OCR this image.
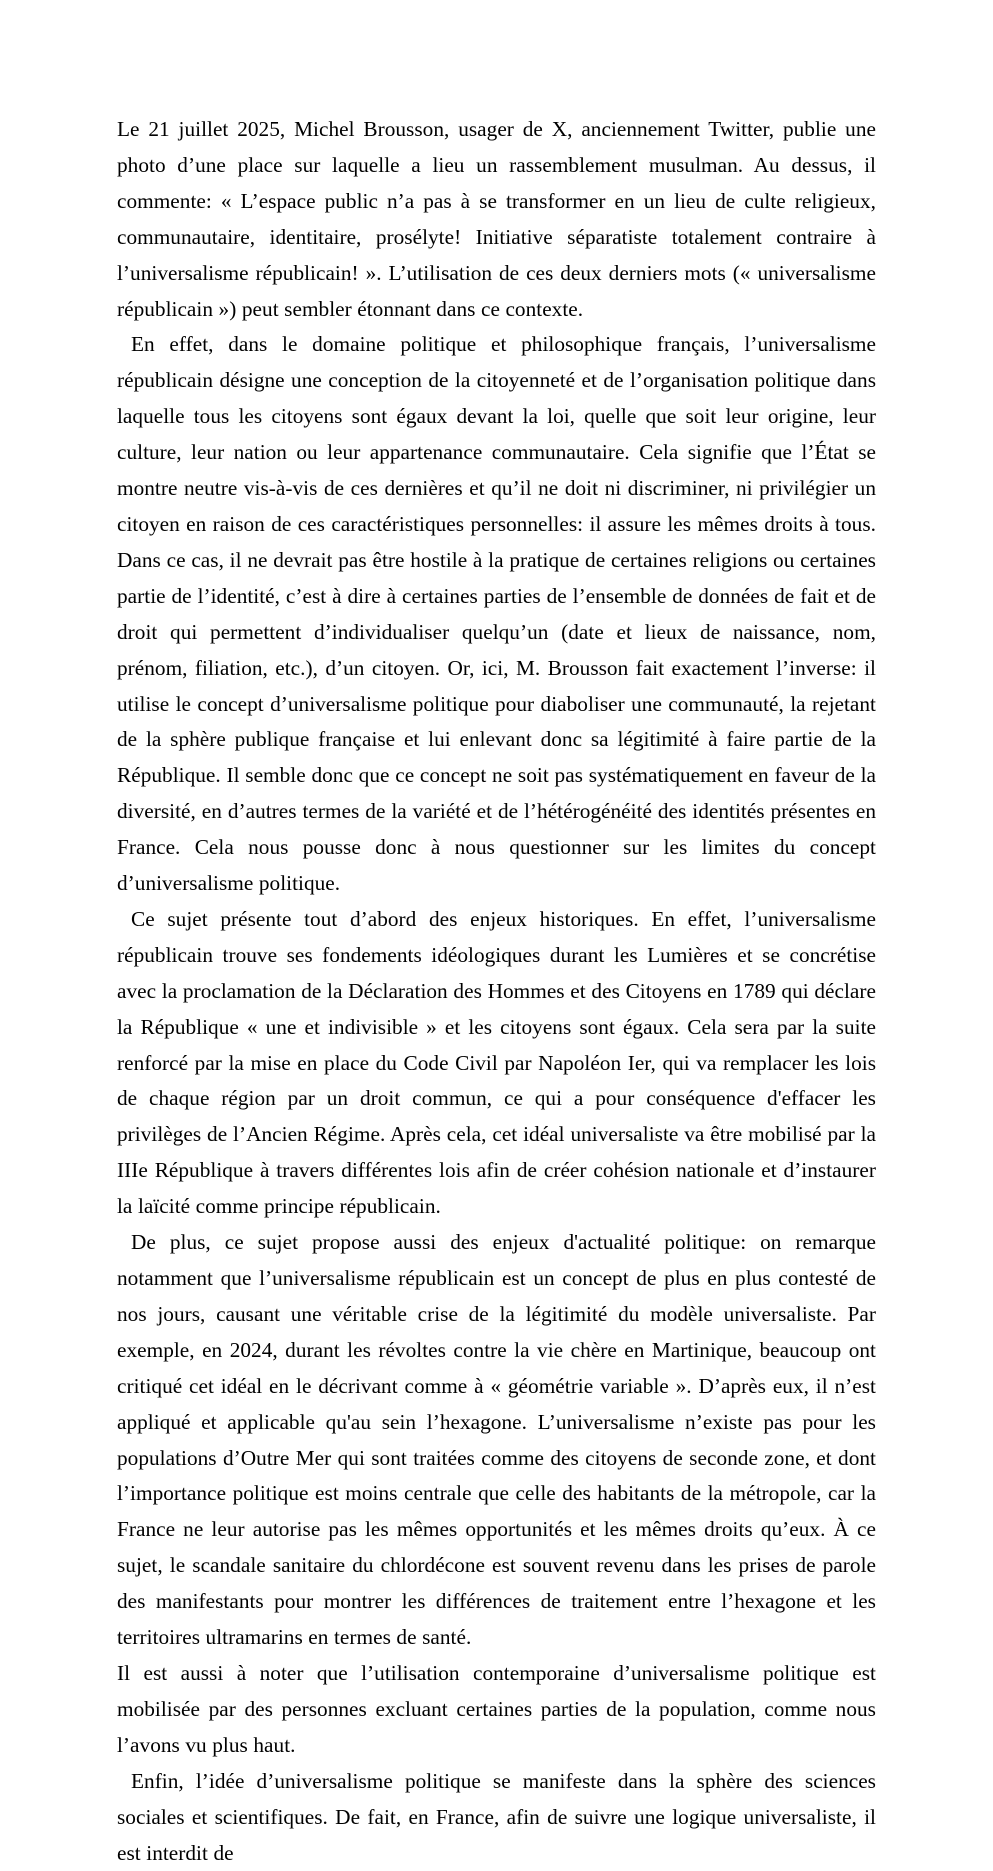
Le 21 juillet 2025, Michel Brousson, usager de X, anciennement Twitter, publie une photo d’une place sur laquelle a lieu un rassemblement musulman. Au dessus, il commente: « L’espace public n’a pas à se transformer en un lieu de culte religieux, communautaire, identitaire, prosélyte! Initiative séparatiste totalement contraire à l’universalisme républicain! ». L’utilisation de ces deux derniers mots (« universalisme républicain ») peut sembler étonnant dans ce contexte.

En effet, dans le domaine politique et philosophique français, l’universalisme républicain désigne une conception de la citoyenneté et de l’organisation politique dans laquelle tous les citoyens sont égaux devant la loi, quelle que soit leur origine, leur culture, leur nation ou leur appartenance communautaire. Cela signifie que l’État se montre neutre vis-à-vis de ces dernières et qu’il ne doit ni discriminer, ni privilégier un citoyen en raison de ces caractéristiques personnelles: il assure les mêmes droits à tous. Dans ce cas, il ne devrait pas être hostile à la pratique de certaines religions ou certaines partie de l’identité, c’est à dire à certaines parties de l’ensemble de données de fait et de droit qui permettent d’individualiser quelqu’un (date et lieux de naissance, nom, prénom, filiation, etc.), d’un citoyen. Or, ici, M. Brousson fait exactement l’inverse: il utilise le concept d’universalisme politique pour diaboliser une communauté, la rejetant de la sphère publique française et lui enlevant donc sa légitimité à faire partie de la République. Il semble donc que ce concept ne soit pas systématiquement en faveur de la diversité, en d’autres termes de la variété et de l’hétérogénéité des identités présentes en France. Cela nous pousse donc à nous questionner sur les limites du concept d’universalisme politique.

Ce sujet présente tout d’abord des enjeux historiques. En effet, l’universalisme républicain trouve ses fondements idéologiques durant les Lumières et se concrétise avec la proclamation de la Déclaration des Hommes et des Citoyens en 1789 qui déclare la République « une et indivisible » et les citoyens sont égaux. Cela sera par la suite renforcé par la mise en place du Code Civil par Napoléon Ier, qui va remplacer les lois de chaque région par un droit commun, ce qui a pour conséquence d'effacer les privilèges de l’Ancien Régime. Après cela, cet idéal universaliste va être mobilisé par la IIIe République à travers différentes lois afin de créer cohésion nationale et d’instaurer la laïcité comme principe républicain.

De plus, ce sujet propose aussi des enjeux d'actualité politique: on remarque notamment que l’universalisme républicain est un concept de plus en plus contesté de nos jours, causant une véritable crise de la légitimité du modèle universaliste. Par exemple, en 2024, durant les révoltes contre la vie chère en Martinique, beaucoup ont critiqué cet idéal en le décrivant comme à « géométrie variable ». D’après eux, il n’est appliqué et applicable qu'au sein l’hexagone. L’universalisme n’existe pas pour les populations d’Outre Mer qui sont traitées comme des citoyens de seconde zone, et dont l’importance politique est moins centrale que celle des habitants de la métropole, car la France ne leur autorise pas les mêmes opportunités et les mêmes droits qu’eux. À ce sujet, le scandale sanitaire du chlordécone est souvent revenu dans les prises de parole des manifestants pour montrer les différences de traitement entre l’hexagone et les territoires ultramarins en termes de santé.

Il est aussi à noter que l’utilisation contemporaine d’universalisme politique est mobilisée par des personnes excluant certaines parties de la population, comme nous l’avons vu plus haut.

Enfin, l’idée d’universalisme politique se manifeste dans la sphère des sciences sociales et scientifiques. De fait, en France, afin de suivre une logique universaliste, il est interdit de
